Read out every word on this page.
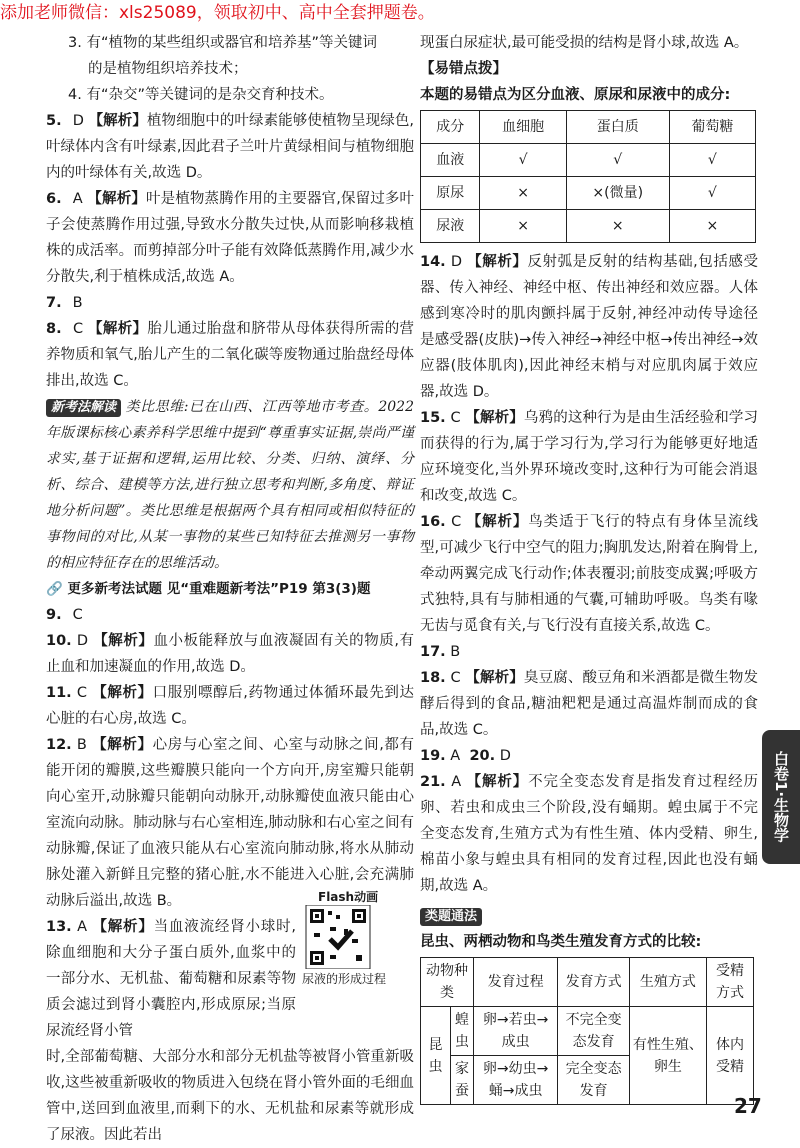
添加老师微信：xls25089，领取初中、高中全套押题卷。

3. 有“植物的某些组织或器官和培养基”等关键词

的是植物组织培养技术；

4. 有“杂交”等关键词的是杂交育种技术。

5. D 【解析】植物细胞中的叶绿素能够使植物呈现绿色,叶绿体内含有叶绿素,因此君子兰叶片黄绿相间与植物细胞内的叶绿体有关,故选 D。

6. A 【解析】叶是植物蒸腾作用的主要器官,保留过多叶子会使蒸腾作用过强,导致水分散失过快,从而影响移栽植株的成活率。而剪掉部分叶子能有效降低蒸腾作用,减少水分散失,利于植株成活,故选 A。

7. B

8. C 【解析】胎儿通过胎盘和脐带从母体获得所需的营养物质和氧气,胎儿产生的二氧化碳等废物通过胎盘经母体排出,故选 C。

新考法解读 类比思维:已在山西、江西等地市考查。2022年版课标核心素养科学思维中提到“尊重事实证据,崇尚严谨求实,基于证据和逻辑,运用比较、分类、归纳、演绎、分析、综合、建模等方法,进行独立思考和判断,多角度、辩证地分析问题”。类比思维是根据两个具有相同或相似特征的事物间的对比,从某一事物的某些已知特征去推测另一事物的相应特征存在的思维活动。

🔗 更多新考法试题 见“重难题新考法”P19 第3(3)题

9. C

10. D 【解析】血小板能释放与血液凝固有关的物质,有止血和加速凝血的作用,故选 D。

11. C 【解析】口服别嘌醇后,药物通过体循环最先到达心脏的右心房,故选 C。

12. B 【解析】心房与心室之间、心室与动脉之间,都有能开闭的瓣膜,这些瓣膜只能向一个方向开,房室瓣只能朝向心室开,动脉瓣只能朝向动脉开,动脉瓣使血液只能由心室流向动脉。肺动脉与右心室相连,肺动脉和右心室之间有动脉瓣,保证了血液只能从右心室流向肺动脉,将水从肺动脉处灌入新鲜且完整的猪心脏,水不能进入心脏,会充满肺动脉后溢出,故选 B。

13. A 【解析】当血液流经肾小球时,除血细胞和大分子蛋白质外,血浆中的一部分水、无机盐、葡萄糖和尿素等物质会滤过到肾小囊腔内,形成原尿;当原尿流经肾小管

时,全部葡萄糖、大部分水和部分无机盐等被肾小管重新吸收,这些被重新吸收的物质进入包绕在肾小管外面的毛细血管中,送回到血液里,而剩下的水、无机盐和尿素等就形成了尿液。因此若出

Flash动画
尿液的形成过程

现蛋白尿症状,最可能受损的结构是肾小球,故选 A。

【易错点拨】

本题的易错点为区分血液、原尿和尿液中的成分:

成分	血细胞	蛋白质	葡萄糖
血液	√	√	√
原尿	×	×(微量)	√
尿液	×	×	×

14. D 【解析】反射弧是反射的结构基础,包括感受器、传入神经、神经中枢、传出神经和效应器。人体感到寒冷时的肌肉颤抖属于反射,神经冲动传导途径是感受器(皮肤)→传入神经→神经中枢→传出神经→效应器(肢体肌肉),因此神经末梢与对应肌肉属于效应器,故选 D。

15. C 【解析】乌鸦的这种行为是由生活经验和学习而获得的行为,属于学习行为,学习行为能够更好地适应环境变化,当外界环境改变时,这种行为可能会消退和改变,故选 C。

16. C 【解析】鸟类适于飞行的特点有身体呈流线型,可减少飞行中空气的阻力;胸肌发达,附着在胸骨上,牵动两翼完成飞行动作;体表覆羽;前肢变成翼;呼吸方式独特,具有与肺相通的气囊,可辅助呼吸。鸟类有喙无齿与觅食有关,与飞行没有直接关系,故选 C。

17. B

18. C 【解析】臭豆腐、酸豆角和米酒都是微生物发酵后得到的食品,糖油粑粑是通过高温炸制而成的食品,故选 C。

19. A 20. D

21. A 【解析】不完全变态发育是指发育过程经历卵、若虫和成虫三个阶段,没有蛹期。蝗虫属于不完全变态发育,生殖方式为有性生殖、体内受精、卵生,棉苗小象与蝗虫具有相同的发育过程,因此也没有蛹期,故选 A。

类题通法

昆虫、两栖动物和鸟类生殖发育方式的比较:

动物种类		发育过程	发育方式	生殖方式	受精方式
昆虫	蝗虫	卵→若虫→成虫	不完全变态发育	有性生殖、卵生	体内受精
	家蚕	卵→幼虫→蛹→成虫	完全变态发育		
白卷1·生物学
27
